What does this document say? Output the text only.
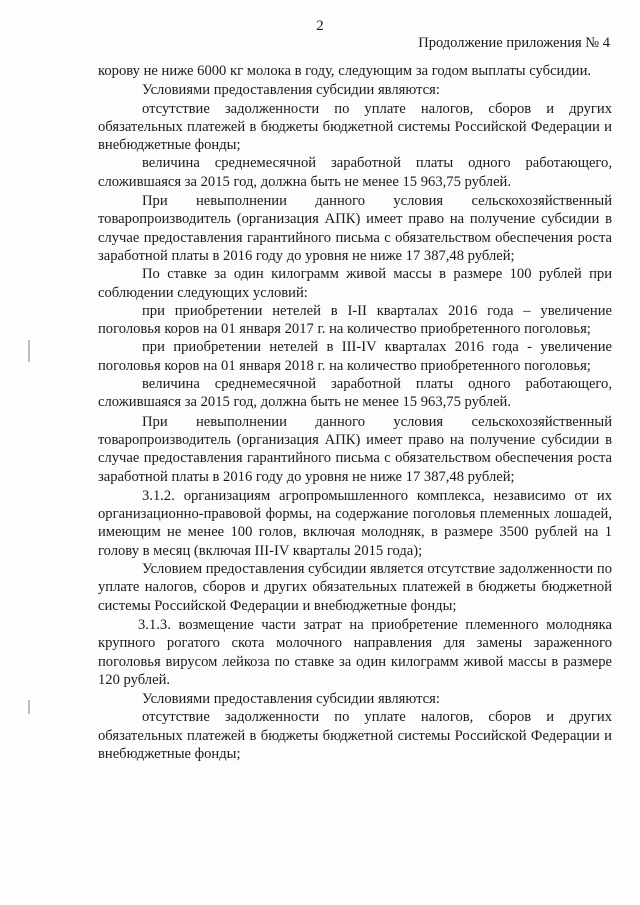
2
Продолжение приложения № 4

корову не ниже 6000 кг молока в году, следующим за годом выплаты субсидии.

Условиями предоставления субсидии являются:

отсутствие задолженности по уплате налогов, сборов и других обязательных платежей в бюджеты бюджетной системы Российской Федерации и внебюджетные фонды;

величина среднемесячной заработной платы одного работающего, сложившаяся за 2015 год, должна быть не менее 15 963,75 рублей.

При невыполнении данного условия сельскохозяйственный товаропроизводитель (организация АПК) имеет право на получение субсидии в случае предоставления гарантийного письма с обязательством обеспечения роста заработной платы в 2016 году до уровня не ниже 17 387,48 рублей;

По ставке за один килограмм живой массы в размере 100 рублей при соблюдении следующих условий:

при приобретении нетелей в I-II кварталах 2016 года – увеличение поголовья коров на 01 января 2017 г. на количество приобретенного поголовья;

при приобретении нетелей в III-IV кварталах 2016 года - увеличение поголовья коров на 01 января 2018 г. на количество приобретенного поголовья;

величина среднемесячной заработной платы одного работающего, сложившаяся за 2015 год, должна быть не менее 15 963,75 рублей.

При невыполнении данного условия сельскохозяйственный товаропроизводитель (организация АПК) имеет право на получение субсидии в случае предоставления гарантийного письма с обязательством обеспечения роста заработной платы в 2016 году до уровня не ниже 17 387,48 рублей;

3.1.2. организациям агропромышленного комплекса, независимо от их организационно-правовой формы, на содержание поголовья племенных лошадей, имеющим не менее 100 голов, включая молодняк, в размере 3500 рублей на 1 голову в месяц (включая III-IV кварталы 2015 года);

Условием предоставления субсидии является отсутствие задолженности по уплате налогов, сборов и других обязательных платежей в бюджеты бюджетной системы Российской Федерации и внебюджетные фонды;

3.1.3. возмещение части затрат на приобретение племенного молодняка крупного рогатого скота молочного направления для замены зараженного поголовья вирусом лейкоза по ставке за один килограмм живой массы в размере 120 рублей.

Условиями предоставления субсидии являются:

отсутствие задолженности по уплате налогов, сборов и других обязательных платежей в бюджеты бюджетной системы Российской Федерации и внебюджетные фонды;
